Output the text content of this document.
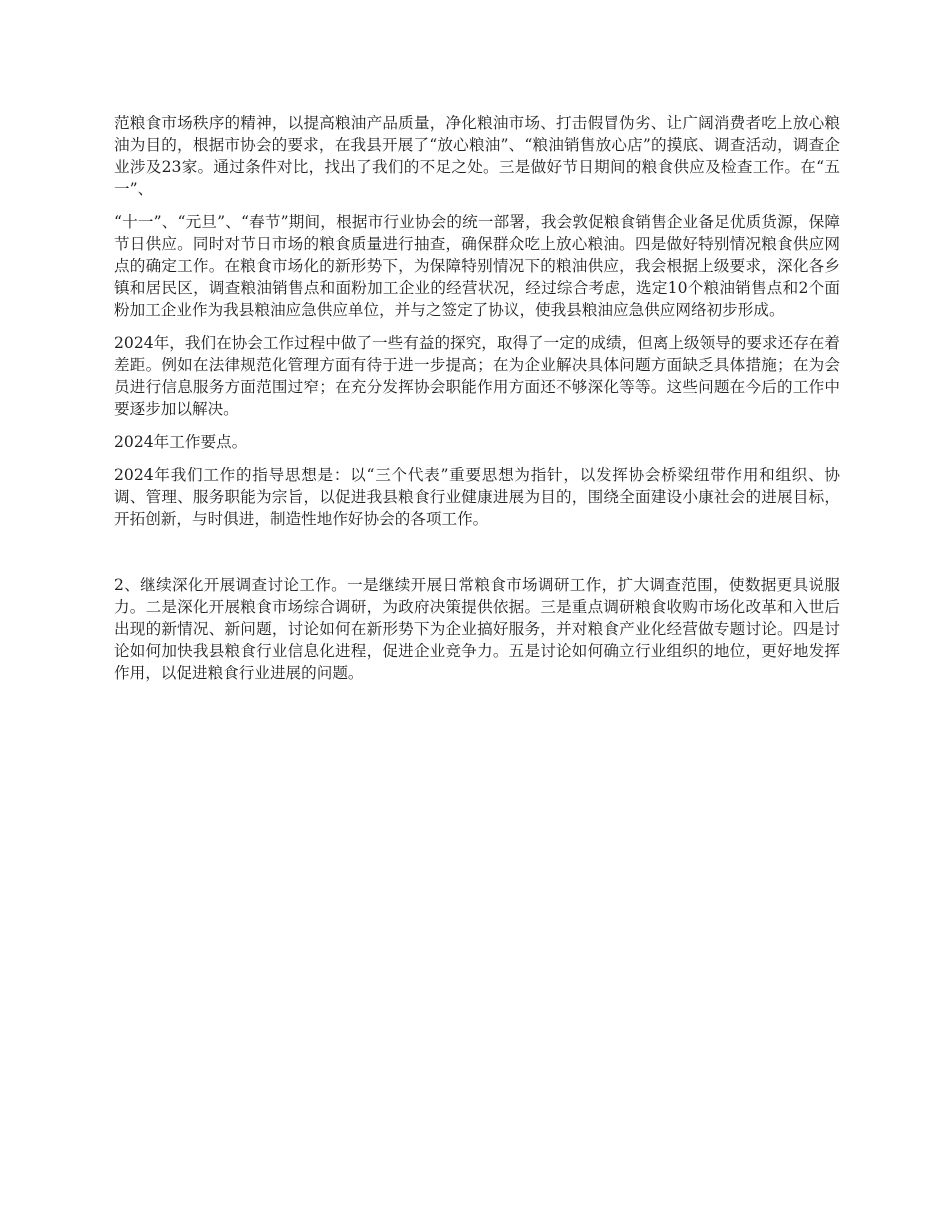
范粮食市场秩序的精神，以提高粮油产品质量，净化粮油市场、打击假冒伪劣、让广阔消费者吃上放心粮油为目的，根据市协会的要求，在我县开展了“放心粮油”、“粮油销售放心店”的摸底、调查活动，调查企业涉及23家。通过条件对比，找出了我们的不足之处。三是做好节日期间的粮食供应及检查工作。在“五一”、

“十一”、“元旦”、“春节”期间，根据市行业协会的统一部署，我会敦促粮食销售企业备足优质货源，保障节日供应。同时对节日市场的粮食质量进行抽查，确保群众吃上放心粮油。四是做好特别情况粮食供应网点的确定工作。在粮食市场化的新形势下，为保障特别情况下的粮油供应，我会根据上级要求，深化各乡镇和居民区，调查粮油销售点和面粉加工企业的经营状况，经过综合考虑，选定10个粮油销售点和2个面粉加工企业作为我县粮油应急供应单位，并与之签定了协议，使我县粮油应急供应网络初步形成。

2024年，我们在协会工作过程中做了一些有益的探究，取得了一定的成绩，但离上级领导的要求还存在着差距。例如在法律规范化管理方面有待于进一步提高；在为企业解决具体问题方面缺乏具体措施；在为会员进行信息服务方面范围过窄；在充分发挥协会职能作用方面还不够深化等等。这些问题在今后的工作中要逐步加以解决。

2024年工作要点。

2024年我们工作的指导思想是：以“三个代表”重要思想为指针，以发挥协会桥梁纽带作用和组织、协调、管理、服务职能为宗旨，以促进我县粮食行业健康进展为目的，围绕全面建设小康社会的进展目标，开拓创新，与时俱进，制造性地作好协会的各项工作。

2、继续深化开展调查讨论工作。一是继续开展日常粮食市场调研工作，扩大调查范围，使数据更具说服力。二是深化开展粮食市场综合调研，为政府决策提供依据。三是重点调研粮食收购市场化改革和入世后出现的新情况、新问题，讨论如何在新形势下为企业搞好服务，并对粮食产业化经营做专题讨论。四是讨论如何加快我县粮食行业信息化进程，促进企业竞争力。五是讨论如何确立行业组织的地位，更好地发挥作用，以促进粮食行业进展的问题。
